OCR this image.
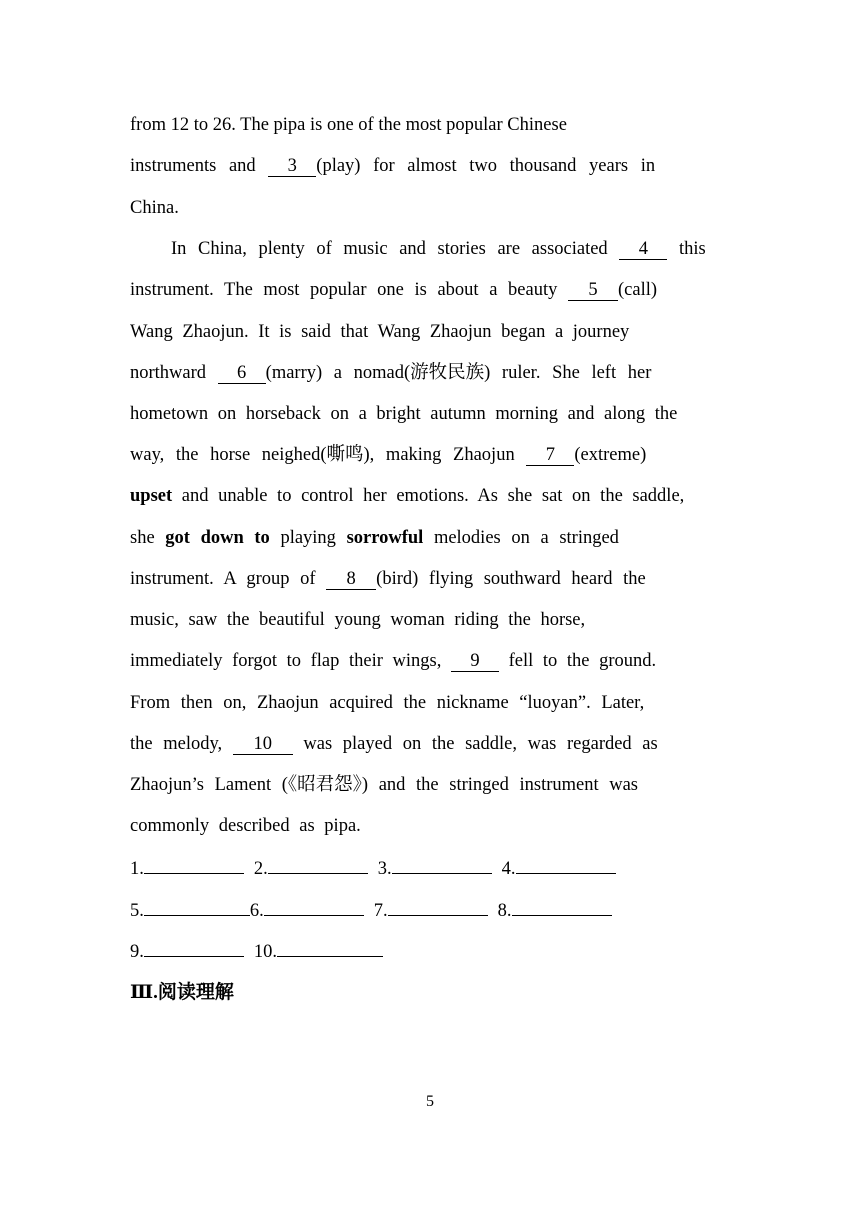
from 12 to 26. The pipa is one of the most popular Chinese
instruments and	3	(play) for almost two thousand years in
China.
In China, plenty of music and stories are associated	4	this
instrument. The most popular one is about a beauty	5	(call)
Wang Zhaojun. It is said that Wang Zhaojun began a journey
northward	6	(marry) a nomad(游牧民族) ruler. She left her
hometown on horseback on a bright autumn morning and along the
way, the horse neighed(嘶鸣), making Zhaojun	7	(extreme)
upset and unable to control her emotions. As she sat on the saddle,
she got down to playing sorrowful melodies on a stringed
instrument. A group of	8	(bird) flying southward heard the
music, saw the beautiful young woman riding the horse,
immediately forgot to flap their wings,	9	fell to the ground.
From then on, Zhaojun acquired the nickname “luoyan”. Later,
the melody,	10	was played on the saddle, was regarded as
Zhaojun’s Lament (《昭君怨》) and the stringed instrument was
commonly described as pipa.
1.	2.	3.	4.
5.	6.	7.	8.
9.	10.
Ⅲ.阅读理解
5
